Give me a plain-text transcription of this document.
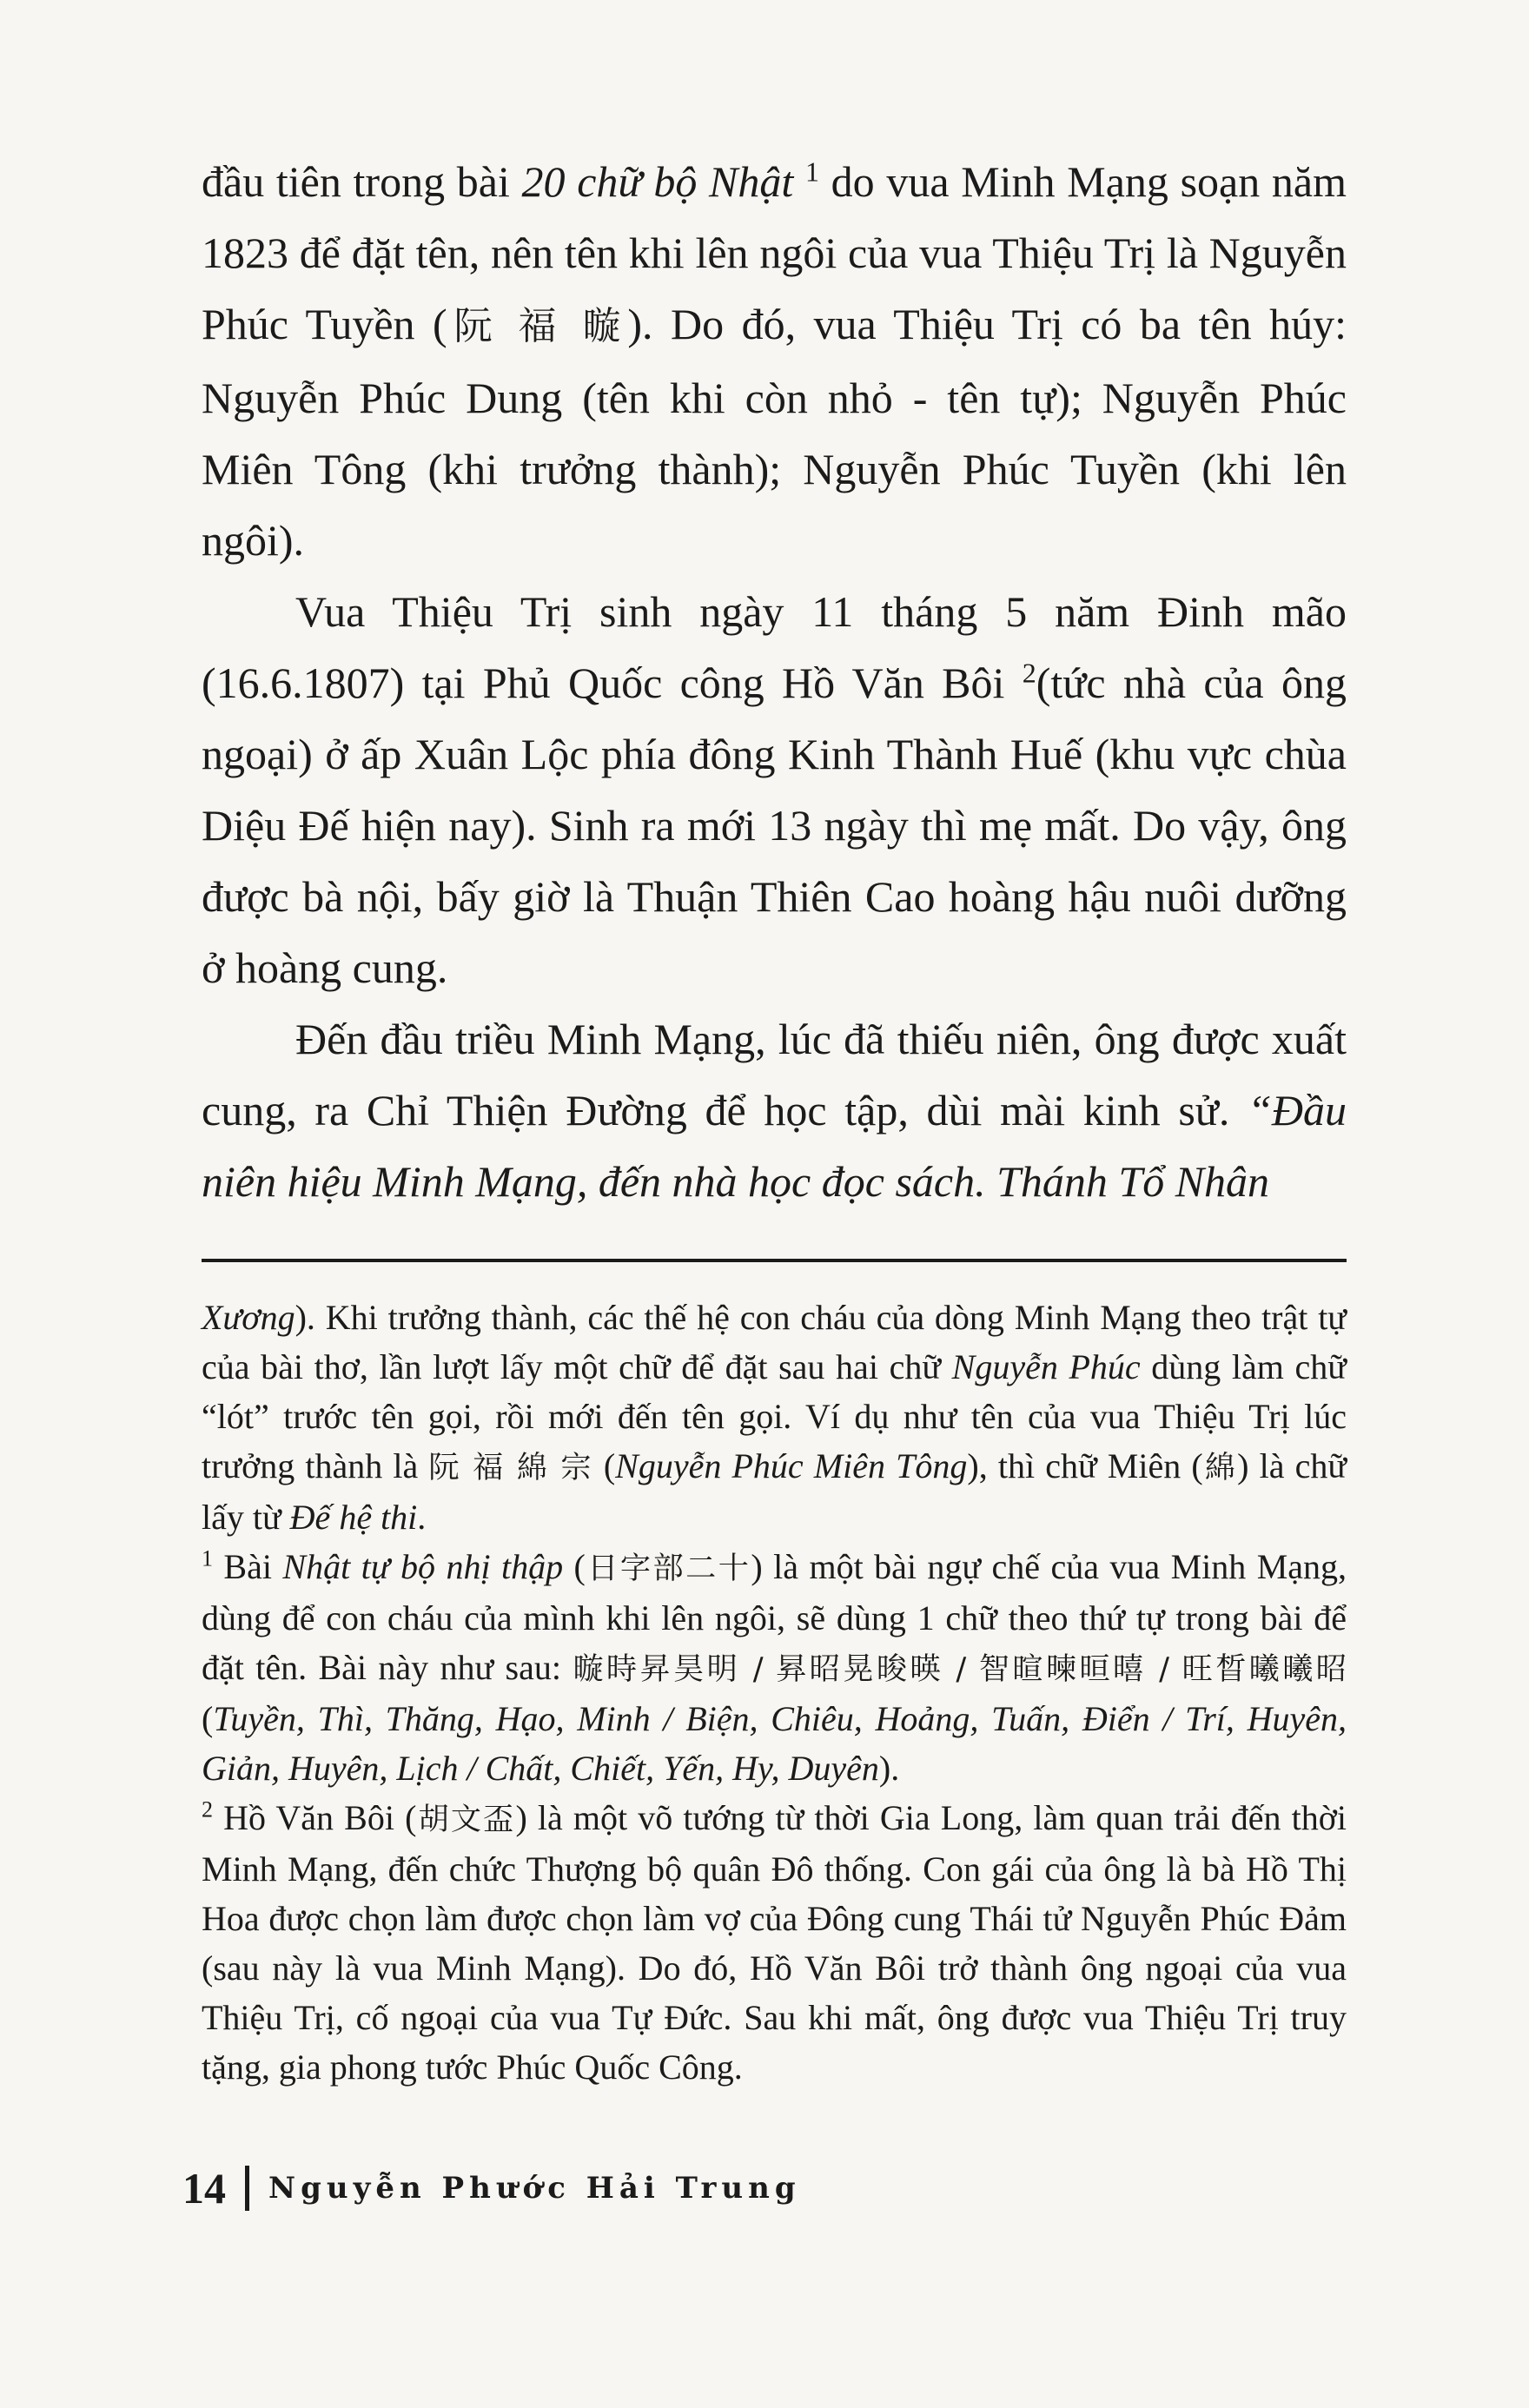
đầu tiên trong bài 20 chữ bộ Nhật $^1$ do vua Minh Mạng soạn năm 1823 để đặt tên, nên tên khi lên ngôi của vua Thiệu Trị là Nguyễn Phúc Tuyền (阮 福 暶). Do đó, vua Thiệu Trị có ba tên húy: Nguyễn Phúc Dung (tên khi còn nhỏ - tên tự); Nguyễn Phúc Miên Tông (khi trưởng thành); Nguyễn Phúc Tuyền (khi lên ngôi).

Vua Thiệu Trị sinh ngày 11 tháng 5 năm Đinh mão (16.6.1807) tại Phủ Quốc công Hồ Văn Bôi $^2$(tức nhà của ông ngoại) ở ấp Xuân Lộc phía đông Kinh Thành Huế (khu vực chùa Diệu Đế hiện nay). Sinh ra mới 13 ngày thì mẹ mất. Do vậy, ông được bà nội, bấy giờ là Thuận Thiên Cao hoàng hậu nuôi dưỡng ở hoàng cung.

Đến đầu triều Minh Mạng, lúc đã thiếu niên, ông được xuất cung, ra Chỉ Thiện Đường để học tập, dùi mài kinh sử. “Đầu niên hiệu Minh Mạng, đến nhà học đọc sách. Thánh Tổ Nhân

Xương). Khi trưởng thành, các thế hệ con cháu của dòng Minh Mạng theo trật tự của bài thơ, lần lượt lấy một chữ để đặt sau hai chữ Nguyễn Phúc dùng làm chữ “lót” trước tên gọi, rồi mới đến tên gọi. Ví dụ như tên của vua Thiệu Trị lúc trưởng thành là 阮 福 綿 宗 (Nguyễn Phúc Miên Tông), thì chữ Miên (綿) là chữ lấy từ Đế hệ thi.

$^1$ Bài Nhật tự bộ nhị thập (日字部二十) là một bài ngự chế của vua Minh Mạng, dùng để con cháu của mình khi lên ngôi, sẽ dùng 1 chữ theo thứ tự trong bài để đặt tên. Bài này như sau: 暶時昇昊明 / 昪昭晃晙暎 / 智暄暕晅暿 / 旺晳曦曦昭 (Tuyền, Thì, Thăng, Hạo, Minh / Biện, Chiêu, Hoảng, Tuấn, Điển / Trí, Huyên, Giản, Huyên, Lịch / Chất, Chiết, Yến, Hy, Duyên).

$^2$ Hồ Văn Bôi (胡文盃) là một võ tướng từ thời Gia Long, làm quan trải đến thời Minh Mạng, đến chức Thượng bộ quân Đô thống. Con gái của ông là bà Hồ Thị Hoa được chọn làm được chọn làm vợ của Đông cung Thái tử Nguyễn Phúc Đảm (sau này là vua Minh Mạng). Do đó, Hồ Văn Bôi trở thành ông ngoại của vua Thiệu Trị, cố ngoại của vua Tự Đức. Sau khi mất, ông được vua Thiệu Trị truy tặng, gia phong tước Phúc Quốc Công.

14 Nguyễn Phước Hải Trung
